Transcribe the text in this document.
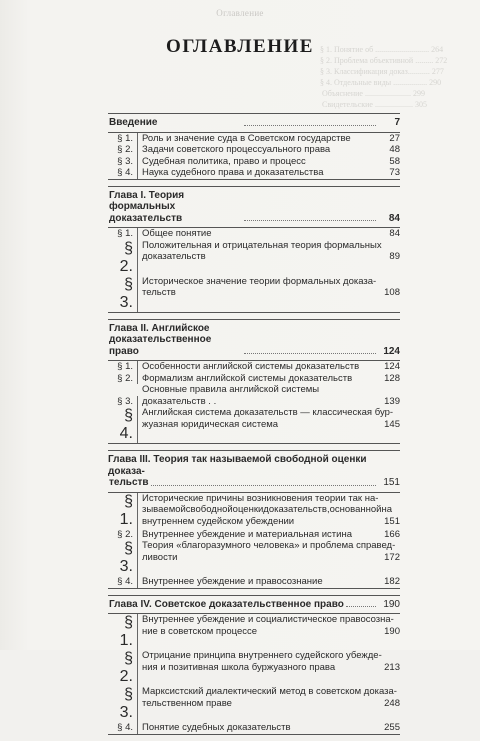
Оглавление
§ 1. Понятие об ........................... 264
§ 2. Проблема объективной ......... 272
§ 3. Классификация доказ........... 277
§ 4. Отдельные виды ................. 290
Объяснение ....................... 299
Свидетельские ................... 305
ОГЛАВЛЕНИЕ
Введение	7
§ 1. Роль и значение суда в Советском государстве	27
§ 2. Задачи советского процессуального права	48
§ 3. Судебная политика, право и процесс	58
§ 4. Наука судебного права и доказательства	73
Глава I. Теория формальных доказательств	84
§ 1. Общее понятие	84
§ 2.
Положительная и отрицательная теория формальных
доказательств	89
§ 3.
Историческое значение теории формальных доказа-
тельств	108
Глава II. Английское доказательственное право	124
§ 1. Особенности английской системы доказательств	124
§ 2. Формализм английской системы доказательств	128
§ 3.
Основные правила английской системы доказательств . .	139
§ 4.
Английская система доказательств — классическая бур-
жуазная юридическая система	145
Глава III. Теория так называемой свободной оценки доказа-
тельств	151
§ 1.
Исторические причины возникновения теории так на-
зываемойсвободнойоценкидоказательств,основаннойна
внутреннем судейском убеждении	151
§ 2. Внутреннее убеждение и материальная истина	166
§ 3.
Теория «благоразумного человека» и проблема справед-
ливости	172
§ 4. Внутреннее убеждение и правосознание	182
Глава IV. Советское доказательственное право	190
§ 1.
Внутреннее убеждение и социалистическое правосозна-
ние в советском процессе	190
§ 2.
Отрицание принципа внутреннего судейского убежде-
ния и позитивная школа буржуазного права	213
§ 3.
Марксистский диалектический метод в советском доказа-
тельственном праве	248
§ 4. Понятие судебных доказательств	255
